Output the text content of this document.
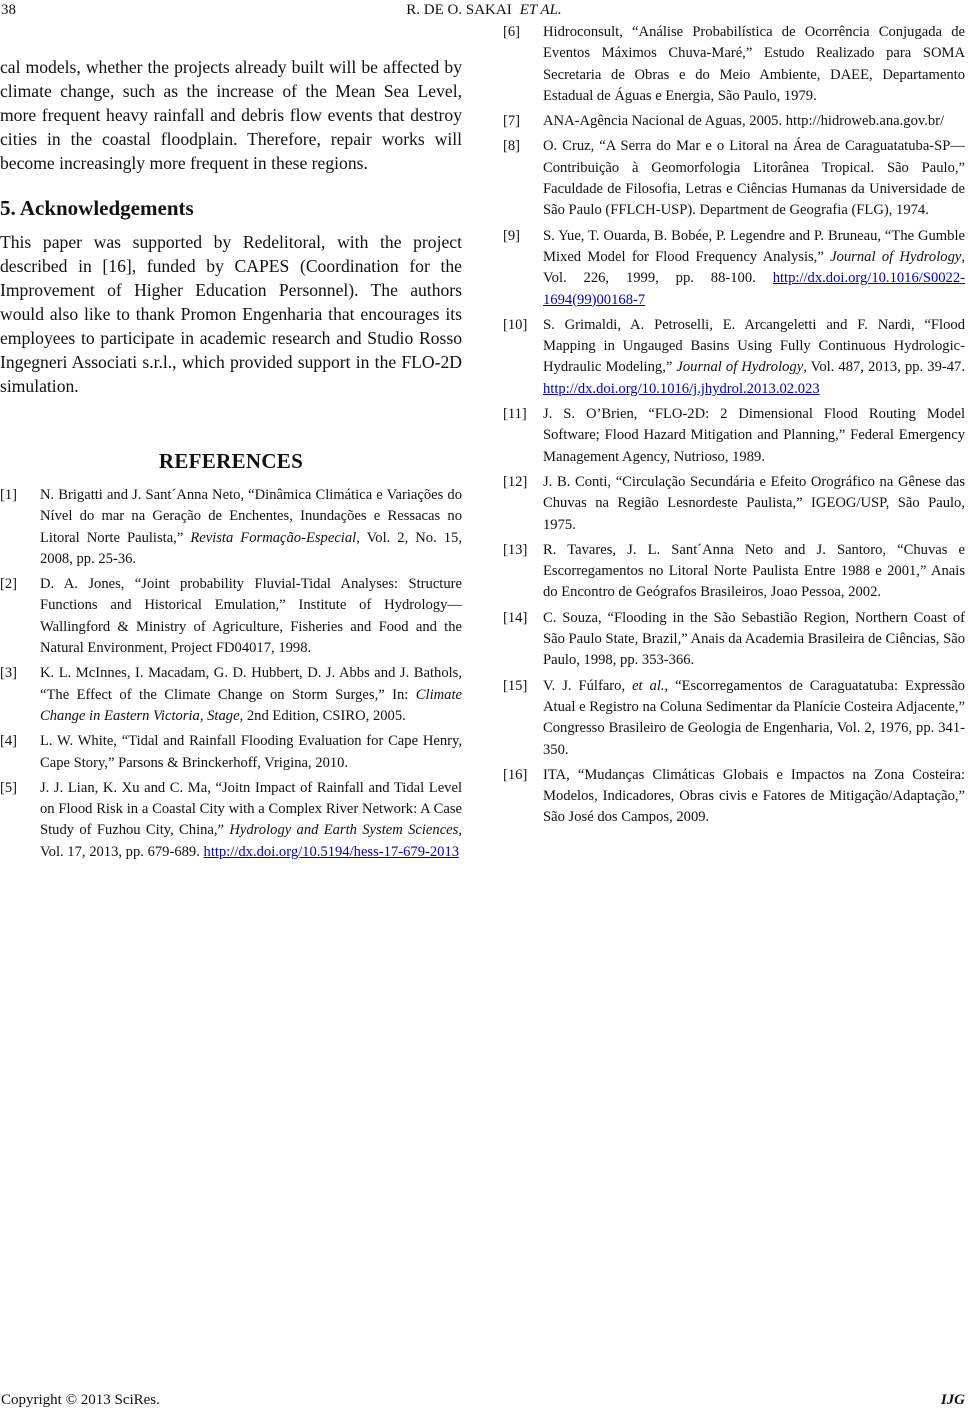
38	R. DE O. SAKAI ET AL.

cal models, whether the projects already built will be affected by climate change, such as the increase of the Mean Sea Level, more frequent heavy rainfall and debris flow events that destroy cities in the coastal floodplain. Therefore, repair works will become increasingly more frequent in these regions.

5. Acknowledgements

This paper was supported by Redelitoral, with the project described in [16], funded by CAPES (Coordination for the Improvement of Higher Education Personnel). The authors would also like to thank Promon Engenharia that encourages its employees to participate in academic research and Studio Rosso Ingegneri Associati s.r.l., which provided support in the FLO-2D simulation.

REFERENCES
[1]	N. Brigatti and J. Sant´Anna Neto, “Dinâmica Climática e Variações do Nível do mar na Geração de Enchentes, Inundações e Ressacas no Litoral Norte Paulista,” Revista Formação-Especial, Vol. 2, No. 15, 2008, pp. 25-36.
[2]	D. A. Jones, “Joint probability Fluvial-Tidal Analyses: Structure Functions and Historical Emulation,” Institute of Hydrology—Wallingford & Ministry of Agriculture, Fisheries and Food and the Natural Environment, Project FD04017, 1998.
[3]	K. L. McInnes, I. Macadam, G. D. Hubbert, D. J. Abbs and J. Bathols, “The Effect of the Climate Change on Storm Surges,” In: Climate Change in Eastern Victoria, Stage, 2nd Edition, CSIRO, 2005.
[4]	L. W. White, “Tidal and Rainfall Flooding Evaluation for Cape Henry, Cape Story,” Parsons & Brinckerhoff, Vrigina, 2010.
[5]	J. J. Lian, K. Xu and C. Ma, “Joitn Impact of Rainfall and Tidal Level on Flood Risk in a Coastal City with a Complex River Network: A Case Study of Fuzhou City, China,” Hydrology and Earth System Sciences, Vol. 17, 2013, pp. 679-689. http://dx.doi.org/10.5194/hess-17-679-2013
[6]	Hidroconsult, “Análise Probabilística de Ocorrência Conjugada de Eventos Máximos Chuva-Maré,” Estudo Realizado para SOMA Secretaria de Obras e do Meio Ambiente, DAEE, Departamento Estadual de Águas e Energia, São Paulo, 1979.
[7]	ANA-Agência Nacional de Aguas, 2005. http://hidroweb.ana.gov.br/
[8]	O. Cruz, “A Serra do Mar e o Litoral na Área de Caraguatatuba-SP—Contribuição à Geomorfologia Litorânea Tropical. São Paulo,” Faculdade de Filosofia, Letras e Ciências Humanas da Universidade de São Paulo (FFLCH-USP). Department de Geografia (FLG), 1974.
[9]	S. Yue, T. Ouarda, B. Bobée, P. Legendre and P. Bruneau, “The Gumble Mixed Model for Flood Frequency Analysis,” Journal of Hydrology, Vol. 226, 1999, pp. 88-100. http://dx.doi.org/10.1016/S0022-1694(99)00168-7
[10]	S. Grimaldi, A. Petroselli, E. Arcangeletti and F. Nardi, “Flood Mapping in Ungauged Basins Using Fully Continuous Hydrologic-Hydraulic Modeling,” Journal of Hydrology, Vol. 487, 2013, pp. 39-47. http://dx.doi.org/10.1016/j.jhydrol.2013.02.023
[11]	J. S. O’Brien, “FLO-2D: 2 Dimensional Flood Routing Model Software; Flood Hazard Mitigation and Planning,” Federal Emergency Management Agency, Nutrioso, 1989.
[12]	J. B. Conti, “Circulação Secundária e Efeito Orográfico na Gênese das Chuvas na Região Lesnordeste Paulista,” IGEOG/USP, São Paulo, 1975.
[13]	R. Tavares, J. L. Sant´Anna Neto and J. Santoro, “Chuvas e Escorregamentos no Litoral Norte Paulista Entre 1988 e 2001,” Anais do Encontro de Geógrafos Brasileiros, Joao Pessoa, 2002.
[14]	C. Souza, “Flooding in the São Sebastião Region, Northern Coast of São Paulo State, Brazil,” Anais da Academia Brasileira de Ciências, São Paulo, 1998, pp. 353-366.
[15]	V. J. Fúlfaro, et al., “Escorregamentos de Caraguatatuba: Expressão Atual e Registro na Coluna Sedimentar da Planície Costeira Adjacente,” Congresso Brasileiro de Geologia de Engenharia, Vol. 2, 1976, pp. 341-350.
[16]	ITA, “Mudanças Climáticas Globais e Impactos na Zona Costeira: Modelos, Indicadores, Obras civis e Fatores de Mitigação/Adaptação,” São José dos Campos, 2009.
Copyright © 2013 SciRes.	IJG
